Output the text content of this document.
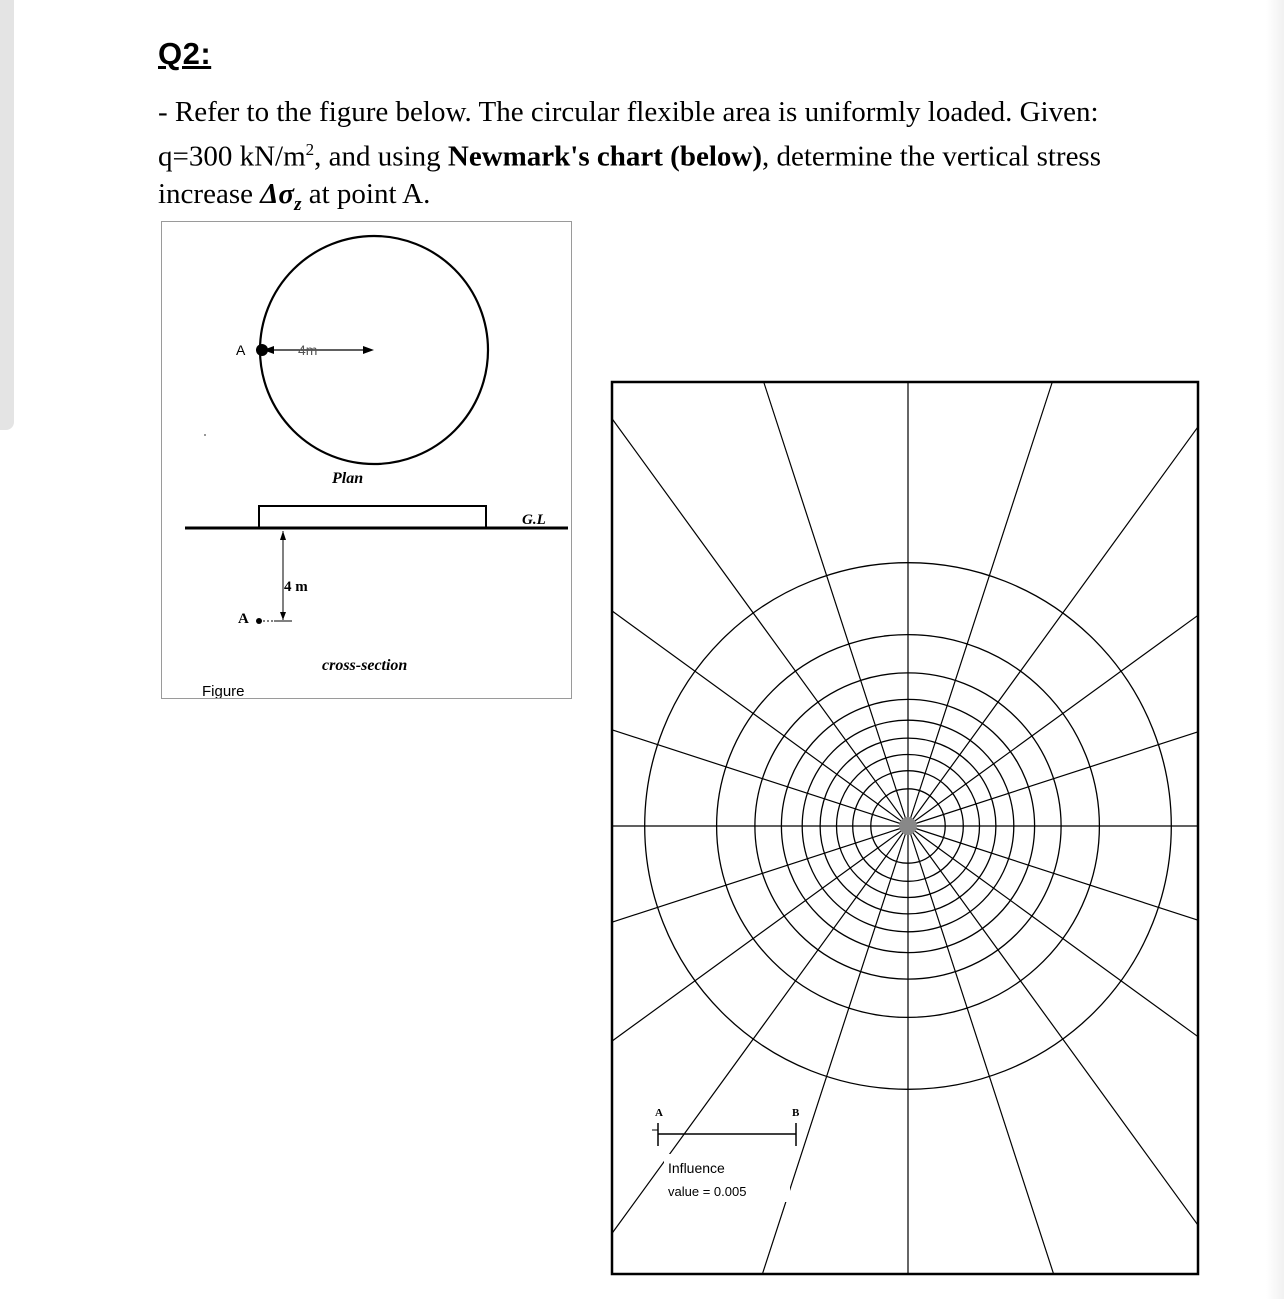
Q2:

- Refer to the figure below. The circular flexible area is uniformly loaded. Given: q=300 $kN/m^2$, and using Newmark's chart (below), determine the vertical stress increase $\Delta\sigma_z$ at point A.

A	4m
Plan
G.L
4 m
A
cross-section
Figure
A	B
Influence
value = 0.005
